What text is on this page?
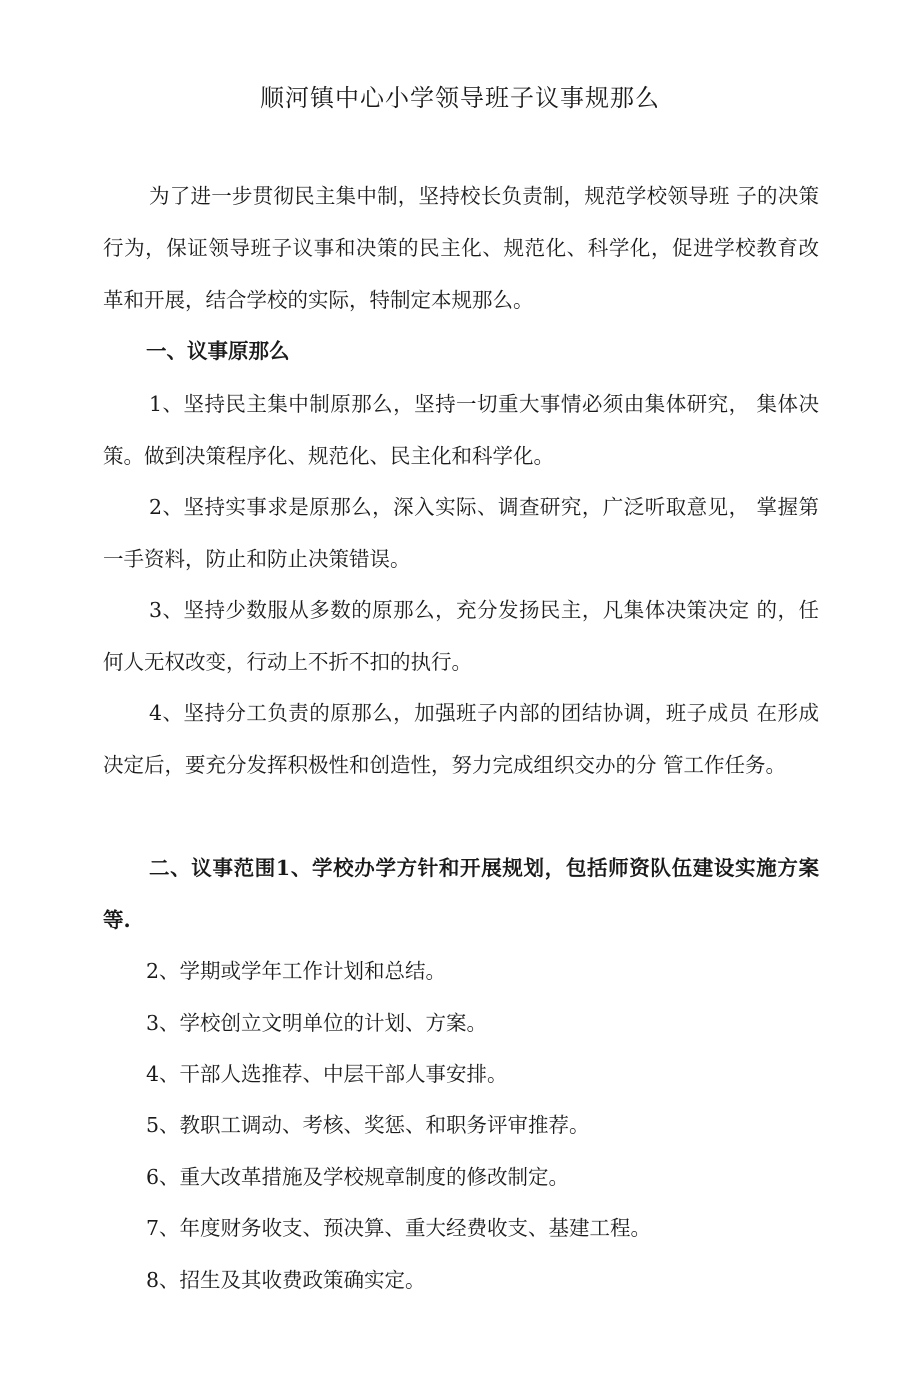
顺河镇中心小学领导班子议事规那么

为了进一步贯彻民主集中制，坚持校长负责制，规范学校领导班 子的决策行为，保证领导班子议事和决策的民主化、规范化、科学化，促进学校教育改革和开展，结合学校的实际，特制定本规那么。

一、议事原那么

1、坚持民主集中制原那么，坚持一切重大事情必须由集体研究， 集体决策。做到决策程序化、规范化、民主化和科学化。

2、坚持实事求是原那么，深入实际、调查研究，广泛听取意见， 掌握第一手资料，防止和防止决策错误。

3、坚持少数服从多数的原那么，充分发扬民主，凡集体决策决定 的，任何人无权改变，行动上不折不扣的执行。

4、坚持分工负责的原那么，加强班子内部的团结协调，班子成员 在形成决定后，要充分发挥积极性和创造性，努力完成组织交办的分 管工作任务。

二、议事范围1、学校办学方针和开展规划，包括师资队伍建设实施方案等.

2、学期或学年工作计划和总结。

3、学校创立文明单位的计划、方案。

4、干部人选推荐、中层干部人事安排。

5、教职工调动、考核、奖惩、和职务评审推荐。

6、重大改革措施及学校规章制度的修改制定。

7、年度财务收支、预决算、重大经费收支、基建工程。

8、招生及其收费政策确实定。
